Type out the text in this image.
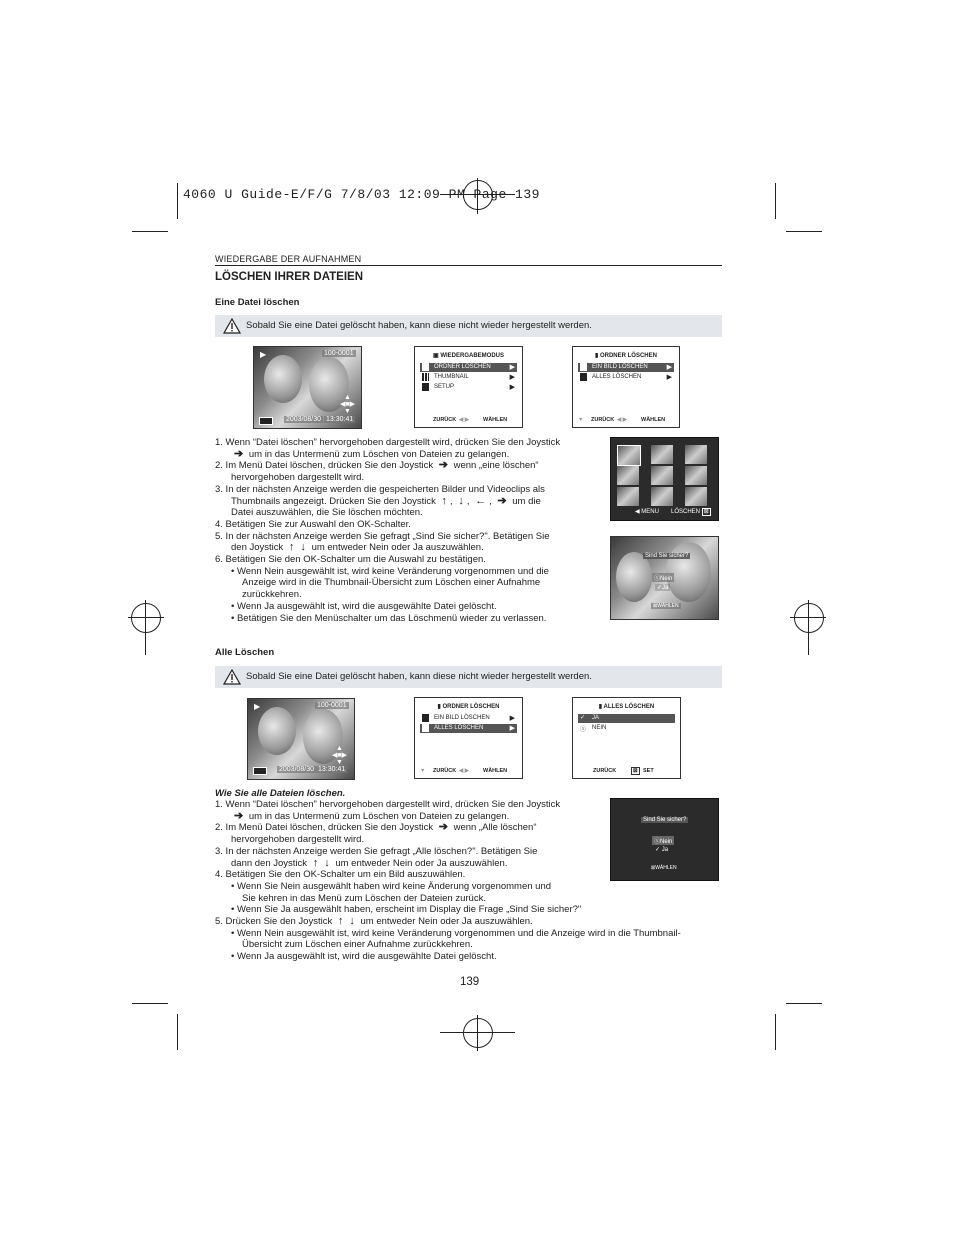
4060 U Guide-E/F/G 7/8/03 12:09 PM Page 139
WIEDERGABE DER AUFNAHMEN
LÖSCHEN IHRER DATEIEN
Eine Datei löschen
Sobald Sie eine Datei gelöscht haben, kann diese nicht wieder hergestellt werden.
▶	100-0001
2003/08/30 13:30:41
▲
◀■▶
▼
▣ WIEDERGABEMODUS
ORDNER LÖSCHEN	▶
THUMBNAIL	▶
SETUP	▶
ZURÜCK ◀ ▶	WÄHLEN
▮ ORDNER LÖSCHEN
EIN BILD LÖSCHEN	▶
ALLES LÖSCHEN	▶
▼ ZURÜCK ◀ ▶	WÄHLEN
1. Wenn “Datei löschen” hervorgehoben dargestellt wird, drücken Sie den Joystick
➔ um in das Untermenü zum Löschen von Dateien zu gelangen.
2. Im Menü Datei löschen, drücken Sie den Joystick ➔ wenn „eine löschen“
hervorgehoben dargestellt wird.
3. In der nächsten Anzeige werden die gespeicherten Bilder und Videoclips als
Thumbnails angezeigt. Drücken Sie den Joystick ↑ , ↓ , ← , ➔ um die
Datei auszuwählen, die Sie löschen möchten.
4. Betätigen Sie zur Auswahl den OK-Schalter.
5. In der nächsten Anzeige werden Sie gefragt „Sind Sie sicher?". Betätigen Sie
den Joystick ↑ ↓ um entweder Nein oder Ja auszuwählen.
6. Betätigen Sie den OK-Schalter um die Auswahl zu bestätigen.
• Wenn Nein ausgewählt ist, wird keine Veränderung vorgenommen und die
Anzeige wird in die Thumbnail-Übersicht zum Löschen einer Aufnahme
zurückkehren.
• Wenn Ja ausgewählt ist, wird die ausgewählte Datei gelöscht.
• Betätigen Sie den Menüschalter um das Löschmenü wieder zu verlassen.
◀ MENU LÖSCHEN ⊠
Sind Sie sicher?
ⓧNein
✓Ja
⊠WÄHLEN
Alle Löschen
Sobald Sie eine Datei gelöscht haben, kann diese nicht wieder hergestellt werden.
▶	100-0001
2003/08/30 13:30:41
▲
◀■▶
▼
▮ ORDNER LÖSCHEN
EIN BILD LÖSCHEN	▶
ALLES LÖSCHEN	▶
▼ ZURÜCK ◀ ▶	WÄHLEN
▮ ALLES LÖSCHEN
✓ JA
ⓧ NEIN
ZURÜCK	⊠ SET
Wie Sie alle Dateien löschen.
1. Wenn “Datei löschen” hervorgehoben dargestellt wird, drücken Sie den Joystick
➔ um in das Untermenü zum Löschen von Dateien zu gelangen.
2. Im Menü Datei löschen, drücken Sie den Joystick ➔ wenn „Alle löschen“
hervorgehoben dargestellt wird.
3. In der nächsten Anzeige werden Sie gefragt „Alle löschen?". Betätigen Sie
dann den Joystick ↑ ↓ um entweder Nein oder Ja auszuwählen.
4. Betätigen Sie den OK-Schalter um ein Bild auszuwählen.
• Wenn Sie Nein ausgewählt haben wird keine Änderung vorgenommen und
Sie kehren in das Menü zum Löschen der Dateien zurück.
• Wenn Sie Ja ausgewählt haben, erscheint im Display die Frage „Sind Sie sicher?"
5. Drücken Sie den Joystick ↑ ↓ um entweder Nein oder Ja auszuwählen.
• Wenn Nein ausgewählt ist, wird keine Veränderung vorgenommen und die Anzeige wird in die Thumbnail-
Übersicht zum Löschen einer Aufnahme zurückkehren.
• Wenn Ja ausgewählt ist, wird die ausgewählte Datei gelöscht.
Sind Sie sicher?
ⓧNein
✓ Ja
⊠WÄHLEN
139
